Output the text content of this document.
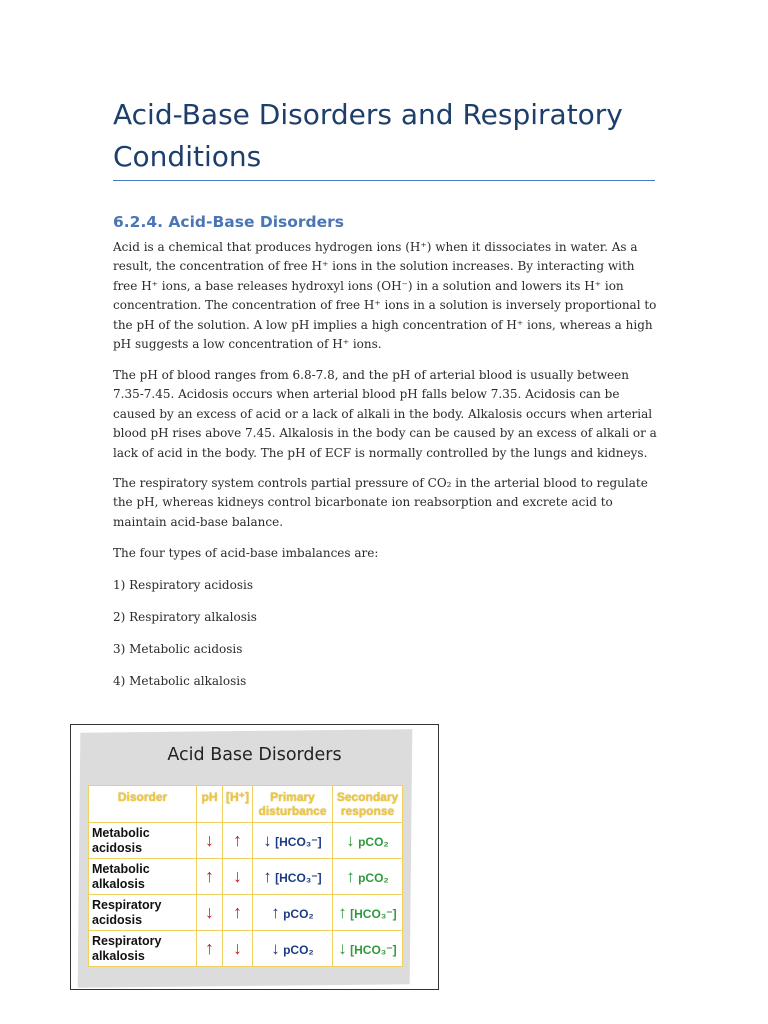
Acid-Base Disorders and Respiratory Conditions
6.2.4. Acid-Base Disorders

Acid is a chemical that produces hydrogen ions (H⁺) when it dissociates in water. As a result, the concentration of free H⁺ ions in the solution increases. By interacting with free H⁺ ions, a base releases hydroxyl ions (OH⁻) in a solution and lowers its H⁺ ion concentration. The concentration of free H⁺ ions in a solution is inversely proportional to the pH of the solution. A low pH implies a high concentration of H⁺ ions, whereas a high pH suggests a low concentration of H⁺ ions.

The pH of blood ranges from 6.8-7.8, and the pH of arterial blood is usually between 7.35-7.45. Acidosis occurs when arterial blood pH falls below 7.35. Acidosis can be caused by an excess of acid or a lack of alkali in the body. Alkalosis occurs when arterial blood pH rises above 7.45. Alkalosis in the body can be caused by an excess of alkali or a lack of acid in the body. The pH of ECF is normally controlled by the lungs and kidneys.

The respiratory system controls partial pressure of CO₂ in the arterial blood to regulate the pH, whereas kidneys control bicarbonate ion reabsorption and excrete acid to maintain acid-base balance.

The four types of acid-base imbalances are:

1) Respiratory acidosis

2) Respiratory alkalosis

3) Metabolic acidosis

4) Metabolic alkalosis

Acid Base Disorders
Disorder	pH	[H⁺]	Primary disturbance	Secondary response
Metabolic acidosis	↓	↑	↓ [HCO₃⁻]	↓ pCO₂
Metabolic alkalosis	↑	↓	↑ [HCO₃⁻]	↑ pCO₂
Respiratory acidosis	↓	↑	↑ pCO₂	↑ [HCO₃⁻]
Respiratory alkalosis	↑	↓	↓ pCO₂	↓ [HCO₃⁻]
